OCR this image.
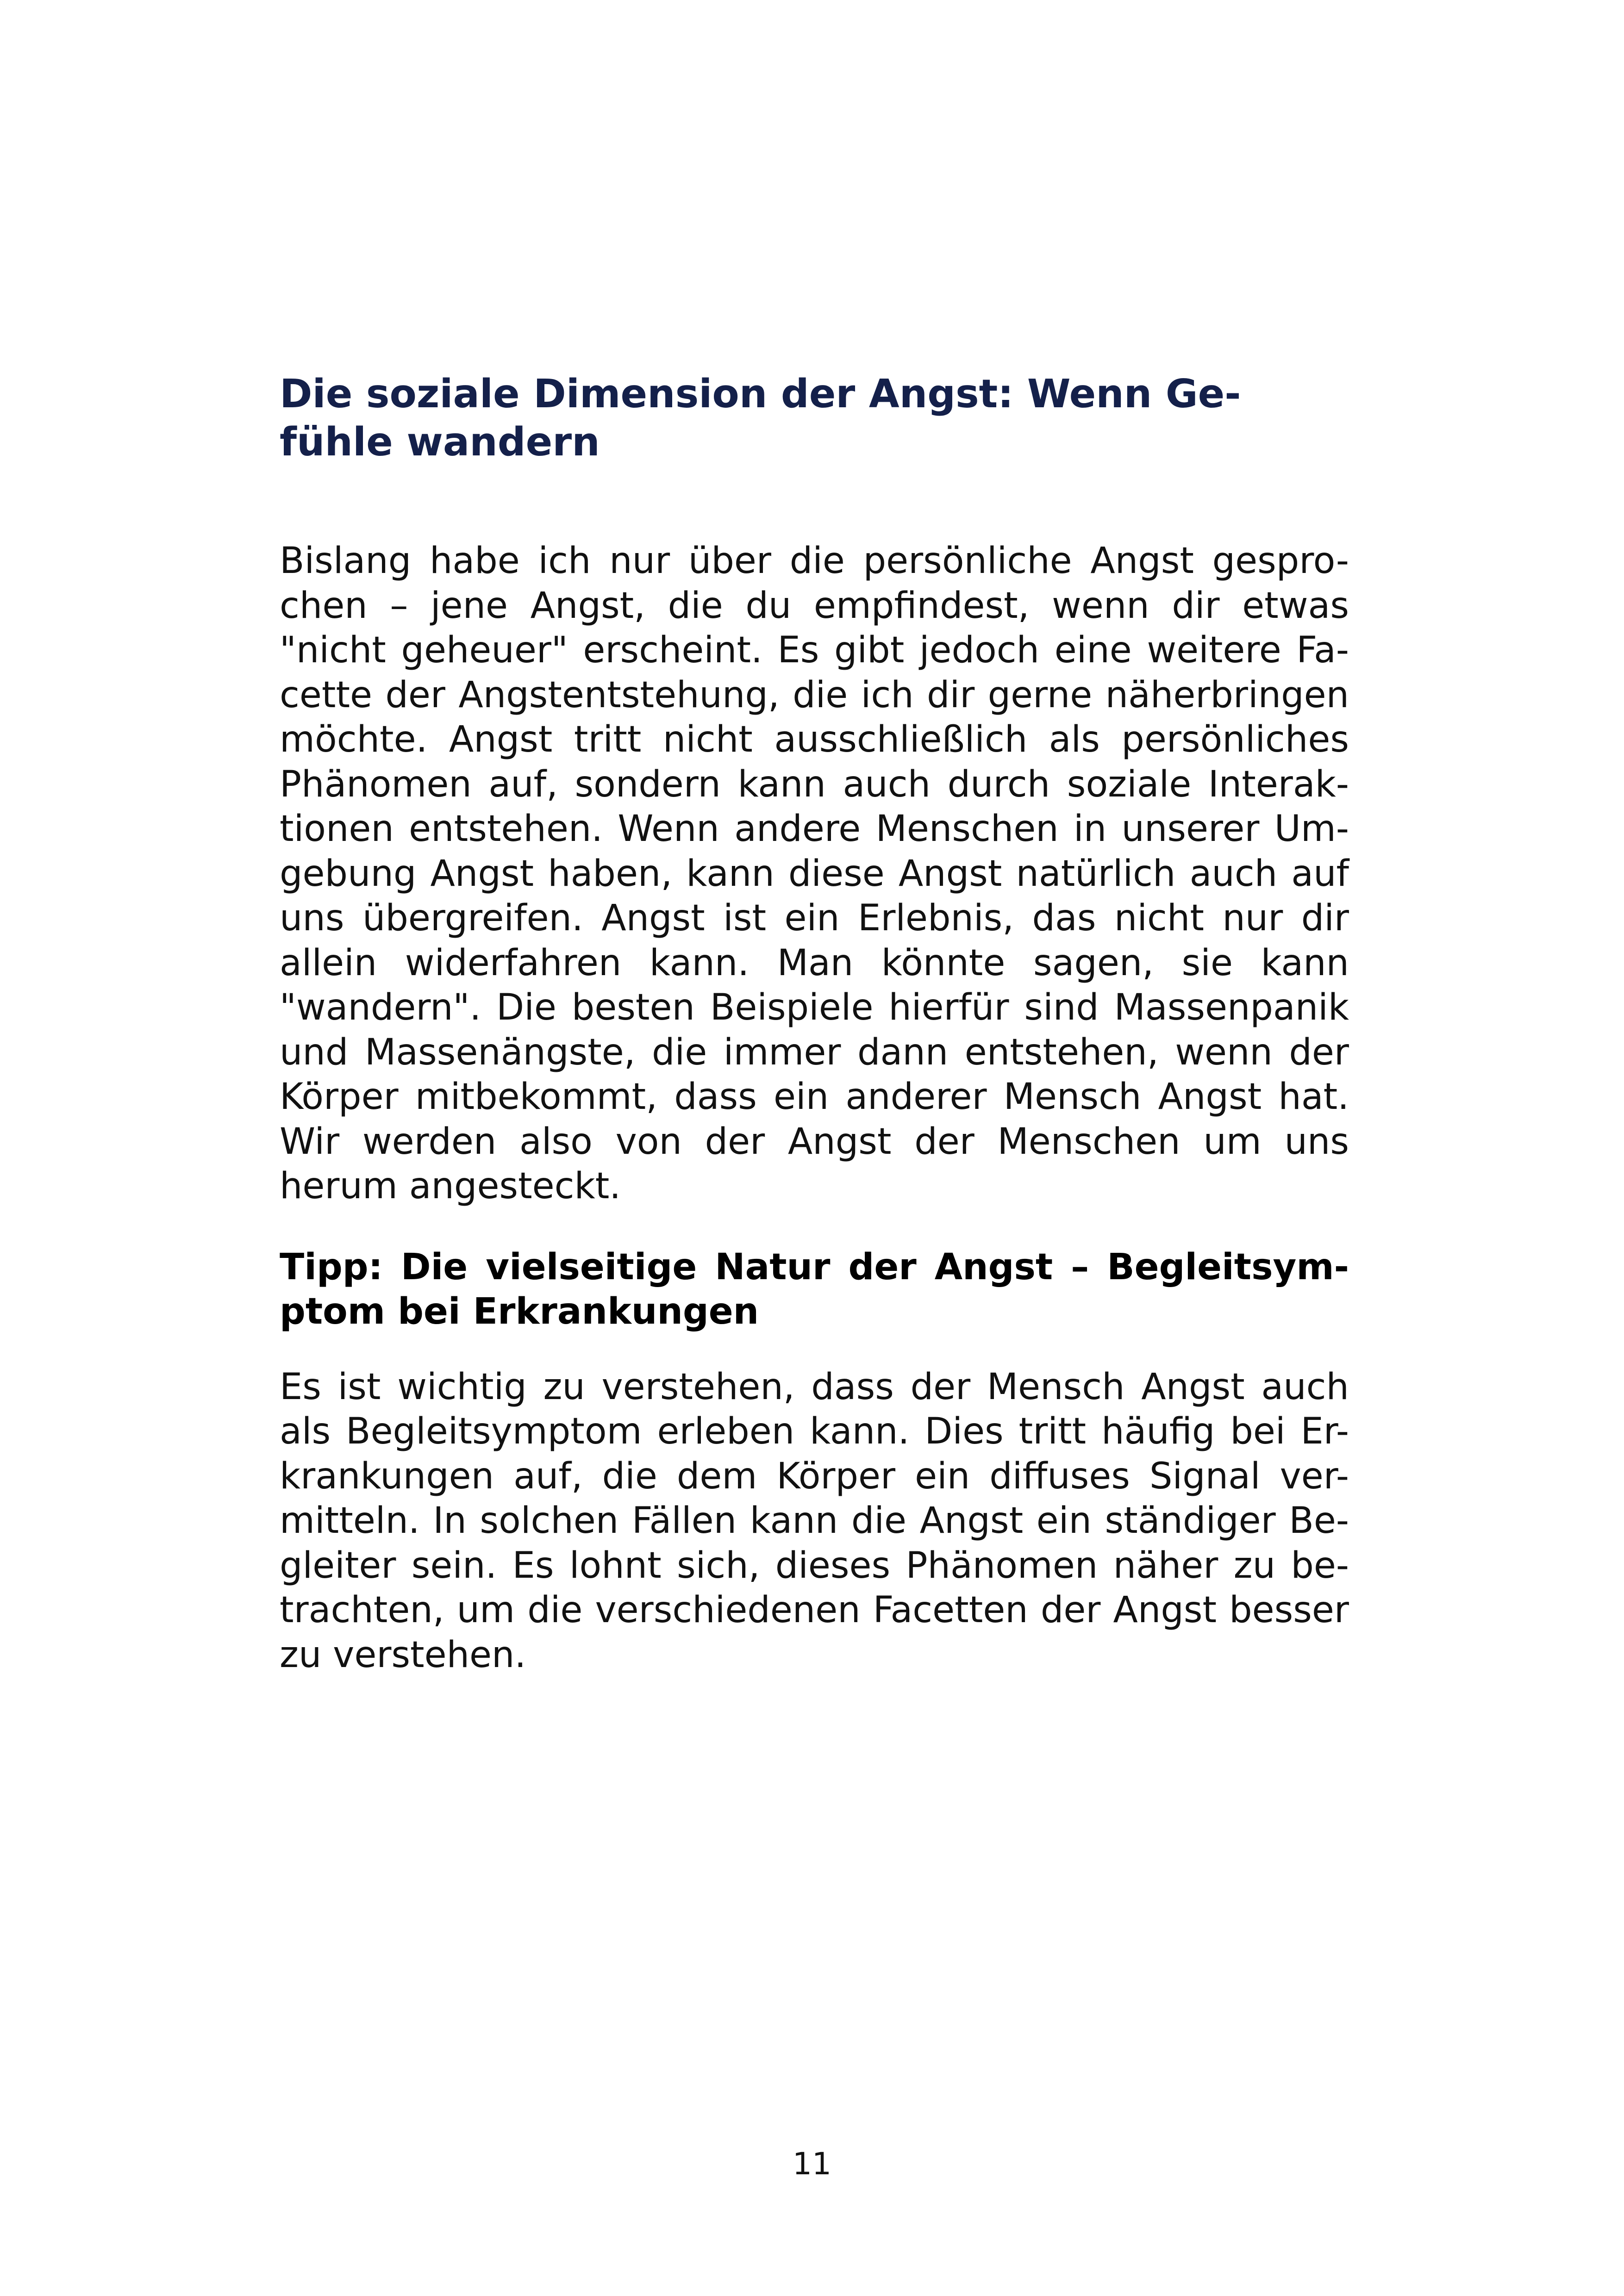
Die soziale Dimension der Angst: Wenn Ge-
fühle wandern

Bislang habe ich nur über die persönliche Angst gespro-
chen – jene Angst, die du empfindest, wenn dir etwas
"nicht geheuer" erscheint. Es gibt jedoch eine weitere Fa-
cette der Angstentstehung, die ich dir gerne näherbringen
möchte. Angst tritt nicht ausschließlich als persönliches
Phänomen auf, sondern kann auch durch soziale Interak-
tionen entstehen. Wenn andere Menschen in unserer Um-
gebung Angst haben, kann diese Angst natürlich auch auf
uns übergreifen. Angst ist ein Erlebnis, das nicht nur dir
allein widerfahren kann. Man könnte sagen, sie kann
"wandern". Die besten Beispiele hierfür sind Massenpanik
und Massenängste, die immer dann entstehen, wenn der
Körper mitbekommt, dass ein anderer Mensch Angst hat.
Wir werden also von der Angst der Menschen um uns
herum angesteckt.

Tipp: Die vielseitige Natur der Angst – Begleitsym-
ptom bei Erkrankungen

Es ist wichtig zu verstehen, dass der Mensch Angst auch
als Begleitsymptom erleben kann. Dies tritt häufig bei Er-
krankungen auf, die dem Körper ein diffuses Signal ver-
mitteln. In solchen Fällen kann die Angst ein ständiger Be-
gleiter sein. Es lohnt sich, dieses Phänomen näher zu be-
trachten, um die verschiedenen Facetten der Angst besser
zu verstehen.

11
